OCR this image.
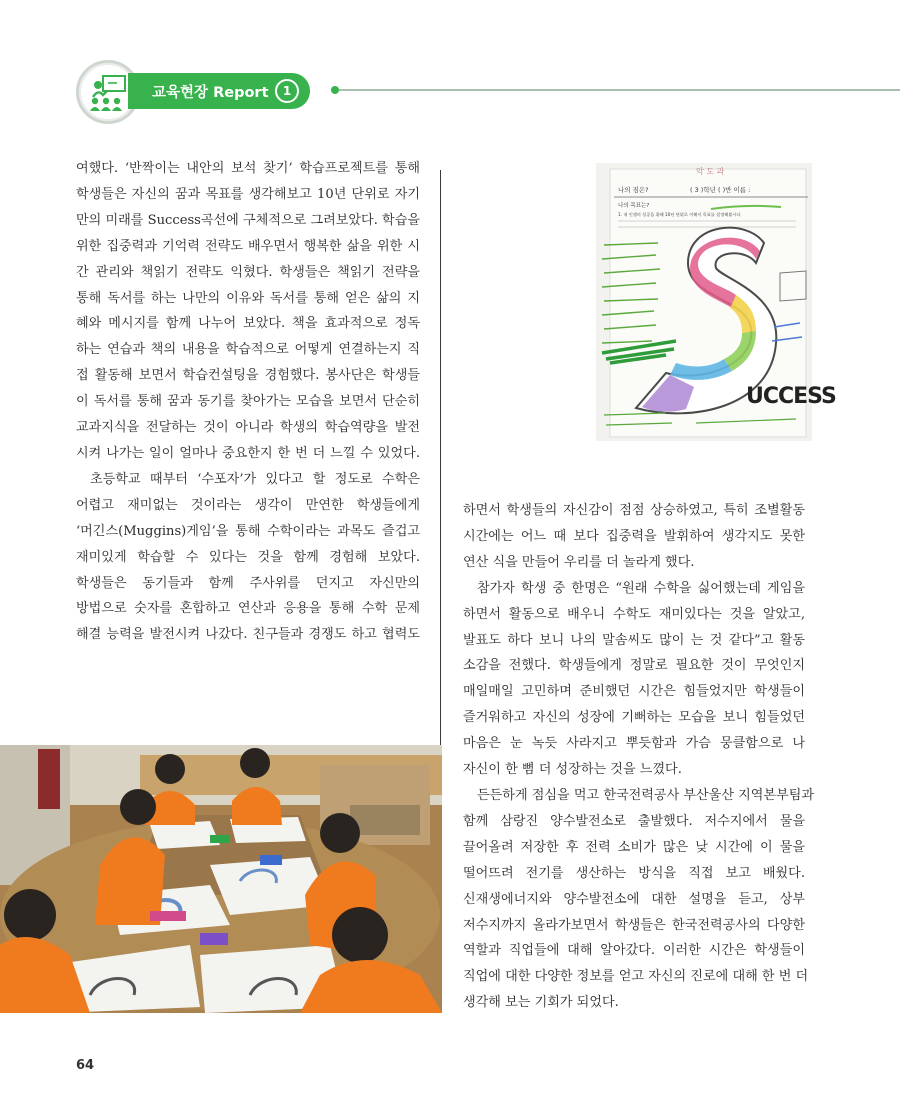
교육현장 Report	1
여했다. ‘반짝이는 내안의 보석 찾기’ 학습프로젝트를 통해
학생들은 자신의 꿈과 목표를 생각해보고 10년 단위로 자기
만의 미래를 Success곡선에 구체적으로 그려보았다. 학습을
위한 집중력과 기억력 전략도 배우면서 행복한 삶을 위한 시
간 관리와 책읽기 전략도 익혔다. 학생들은 책읽기 전략을
통해 독서를 하는 나만의 이유와 독서를 통해 얻은 삶의 지
혜와 메시지를 함께 나누어 보았다. 책을 효과적으로 정독
하는 연습과 책의 내용을 학습적으로 어떻게 연결하는지 직
접 활동해 보면서 학습컨설팅을 경험했다. 봉사단은 학생들
이 독서를 통해 꿈과 동기를 찾아가는 모습을 보면서 단순히
교과지식을 전달하는 것이 아니라 학생의 학습역량을 발전
시켜 나가는 일이 얼마나 중요한지 한 번 더 느낄 수 있었다.
초등학교 때부터 ‘수포자’가 있다고 할 정도로 수학은
어렵고 재미없는 것이라는 생각이 만연한 학생들에게
‘머긴스(Muggins)게임’을 통해 수학이라는 과목도 즐겁고
재미있게 학습할 수 있다는 것을 함께 경험해 보았다.
학생들은 동기들과 함께 주사위를 던지고 자신만의
방법으로 숫자를 혼합하고 연산과 응용을 통해 수학 문제
해결 능력을 발전시켜 나갔다. 친구들과 경쟁도 하고 협력도
악 도 과
나의 짐은?	( 3 )학년 ( )반 이름 :
나의 목표는?
1. 내 인생의 성공을 위해 10년 단위로 이해서 목표를 설정해봅시다
UCCESS
하면서 학생들의 자신감이 점점 상승하였고, 특히 조별활동
시간에는 어느 때 보다 집중력을 발휘하여 생각지도 못한
연산 식을 만들어 우리를 더 놀라게 했다.
참가자 학생 중 한명은 “원래 수학을 싫어했는데 게임을
하면서 활동으로 배우니 수학도 재미있다는 것을 알았고,
발표도 하다 보니 나의 말솜씨도 많이 는 것 같다”고 활동
소감을 전했다. 학생들에게 정말로 필요한 것이 무엇인지
매일매일 고민하며 준비했던 시간은 힘들었지만 학생들이
즐거워하고 자신의 성장에 기뻐하는 모습을 보니 힘들었던
마음은 눈 녹듯 사라지고 뿌듯함과 가슴 뭉클함으로 나
자신이 한 뼘 더 성장하는 것을 느꼈다.
든든하게 점심을 먹고 한국전력공사 부산울산 지역본부팀과
함께 삼랑진 양수발전소로 출발했다. 저수지에서 물을
끌어올려 저장한 후 전력 소비가 많은 낮 시간에 이 물을
떨어뜨려 전기를 생산하는 방식을 직접 보고 배웠다.
신재생에너지와 양수발전소에 대한 설명을 듣고, 상부
저수지까지 올라가보면서 학생들은 한국전력공사의 다양한
역할과 직업들에 대해 알아갔다. 이러한 시간은 학생들이
직업에 대한 다양한 정보를 얻고 자신의 진로에 대해 한 번 더
생각해 보는 기회가 되었다.
64
